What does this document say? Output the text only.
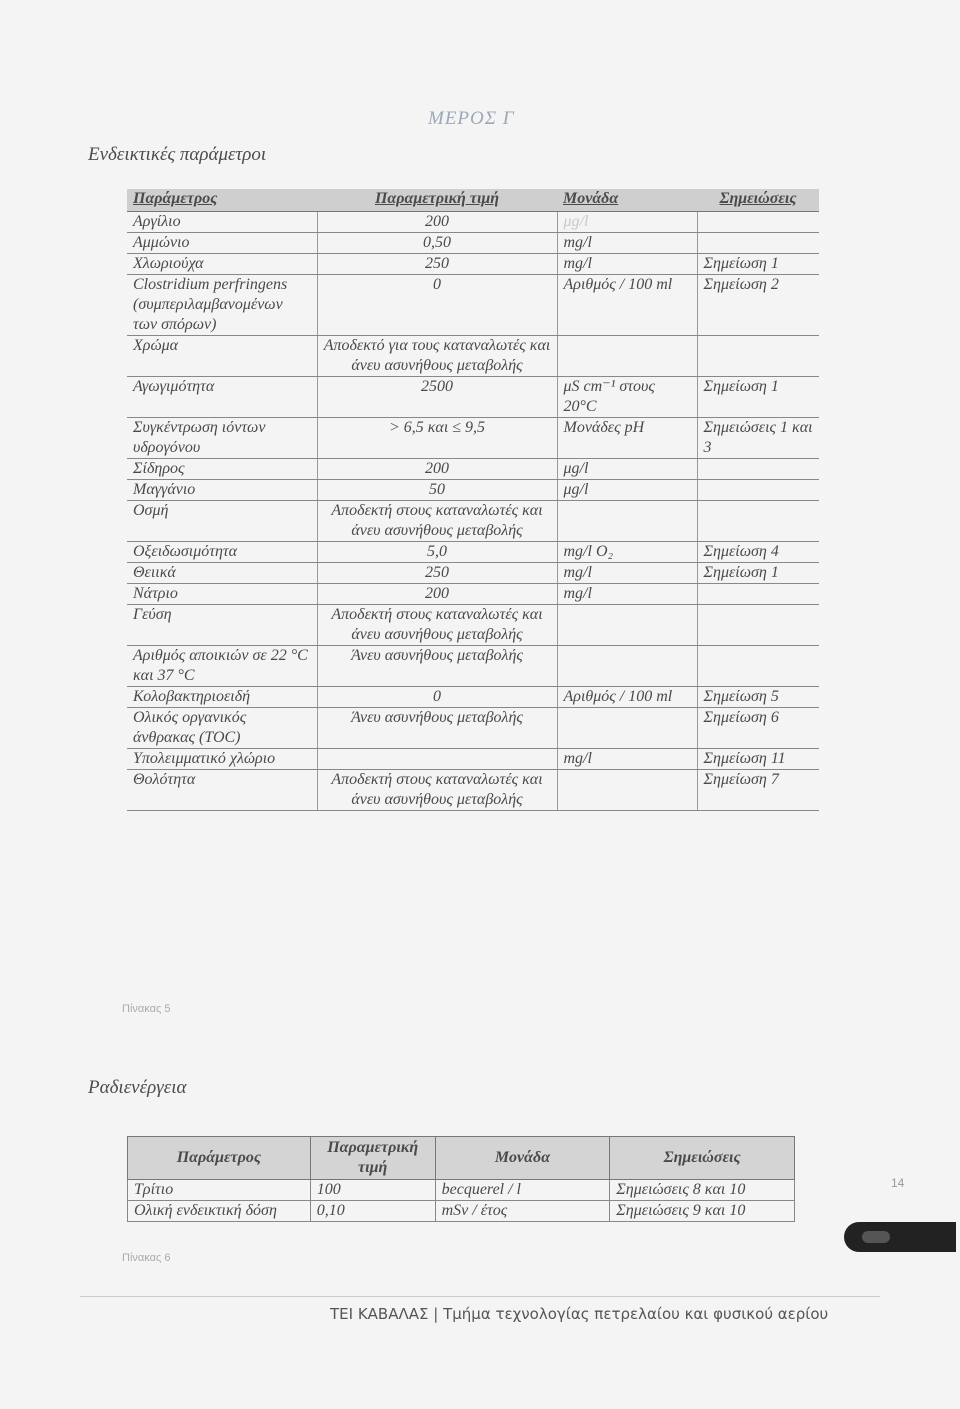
ΜΕΡΟΣ Γ
Ενδεικτικές παράμετροι
Παράμετρος	Παραμετρική τιμή	Μονάδα	Σημειώσεις
Αργίλιο	200	μg/l	
Αμμώνιο	0,50	mg/l	
Χλωριούχα	250	mg/l	Σημείωση 1
Clostridium perfringens (συμπεριλαμβανομένων των σπόρων)	0	Αριθμός / 100 ml	Σημείωση 2
Χρώμα	Αποδεκτό για τους καταναλωτές και άνευ ασυνήθους μεταβολής		
Αγωγιμότητα	2500	μS cm⁻¹ στους 20°C	Σημείωση 1
Συγκέντρωση ιόντων υδρογόνου	> 6,5 και ≤ 9,5	Μονάδες pH	Σημειώσεις 1 και 3
Σίδηρος	200	μg/l	
Μαγγάνιο	50	μg/l	
Οσμή	Αποδεκτή στους καταναλωτές και άνευ ασυνήθους μεταβολής		
Οξειδωσιμότητα	5,0	mg/l O₂	Σημείωση 4
Θειικά	250	mg/l	Σημείωση 1
Νάτριο	200	mg/l	
Γεύση	Αποδεκτή στους καταναλωτές και άνευ ασυνήθους μεταβολής		
Αριθμός αποικιών σε 22 °C και 37 °C	Άνευ ασυνήθους μεταβολής		
Κολοβακτηριοειδή	0	Αριθμός / 100 ml	Σημείωση 5
Ολικός οργανικός άνθρακας (TOC)	Άνευ ασυνήθους μεταβολής		Σημείωση 6
Υπολειμματικό χλώριο		mg/l	Σημείωση 11
Θολότητα	Αποδεκτή στους καταναλωτές και άνευ ασυνήθους μεταβολής		Σημείωση 7
Πίνακας 5
Ραδιενέργεια
Παράμετρος	Παραμετρική τιμή	Μονάδα	Σημειώσεις
Τρίτιο	100	becquerel / l	Σημειώσεις 8 και 10
Ολική ενδεικτική δόση	0,10	mSv / έτος	Σημειώσεις 9 και 10
Πίνακας 6
14
ΤΕΙ ΚΑΒΑΛΑΣ | Τμήμα τεχνολογίας πετρελαίου και φυσικού αερίου
